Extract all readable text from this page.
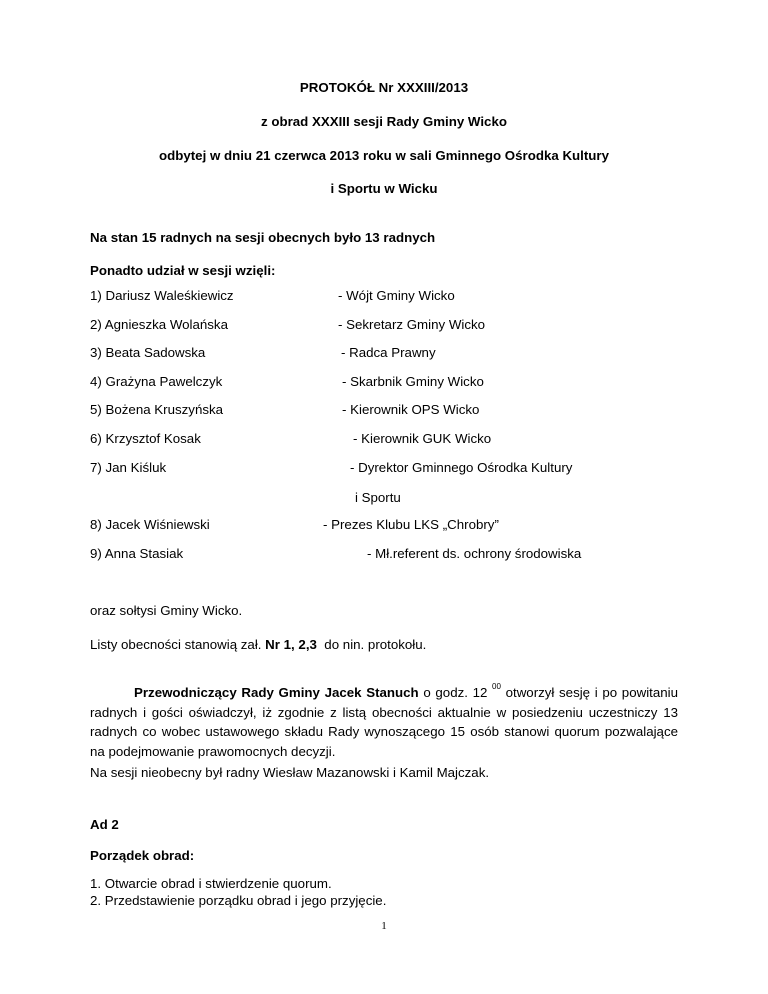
PROTOKÓŁ Nr XXXIII/2013
z obrad XXXIII sesji Rady Gminy Wicko
odbytej w dniu 21 czerwca 2013 roku w sali Gminnego Ośrodka Kultury
i Sportu w Wicku
Na stan 15 radnych na sesji obecnych było 13 radnych
Ponadto udział w sesji wzięli:
1) Dariusz Waleśkiewicz	- Wójt Gminy Wicko
2) Agnieszka Wolańska	- Sekretarz Gminy Wicko
3) Beata Sadowska	- Radca Prawny
4) Grażyna Pawelczyk	- Skarbnik Gminy Wicko
5) Bożena Kruszyńska	- Kierownik OPS Wicko
6) Krzysztof Kosak	- Kierownik GUK Wicko
7) Jan Kiśluk	- Dyrektor Gminnego Ośrodka Kultury
i Sportu
8) Jacek Wiśniewski	- Prezes Klubu LKS „Chrobry”
9) Anna Stasiak	- Mł.referent ds. ochrony środowiska
oraz sołtysi Gminy Wicko.
Listy obecności stanowią zał. Nr 1, 2,3  do nin. protokołu.
Przewodniczący Rady Gminy Jacek Stanuch o godz. 12 $^{00}$ otworzył sesję i po powitaniu radnych i gości oświadczył, iż zgodnie z listą obecności aktualnie w posiedzeniu uczestniczy 13 radnych co wobec ustawowego składu Rady wynoszącego 15 osób stanowi quorum pozwalające na podejmowanie prawomocnych decyzji.
Na sesji nieobecny był radny Wiesław Mazanowski i Kamil Majczak.
Ad 2
Porządek obrad:
1. Otwarcie obrad i stwierdzenie quorum.
2. Przedstawienie porządku obrad i jego przyjęcie.
1
